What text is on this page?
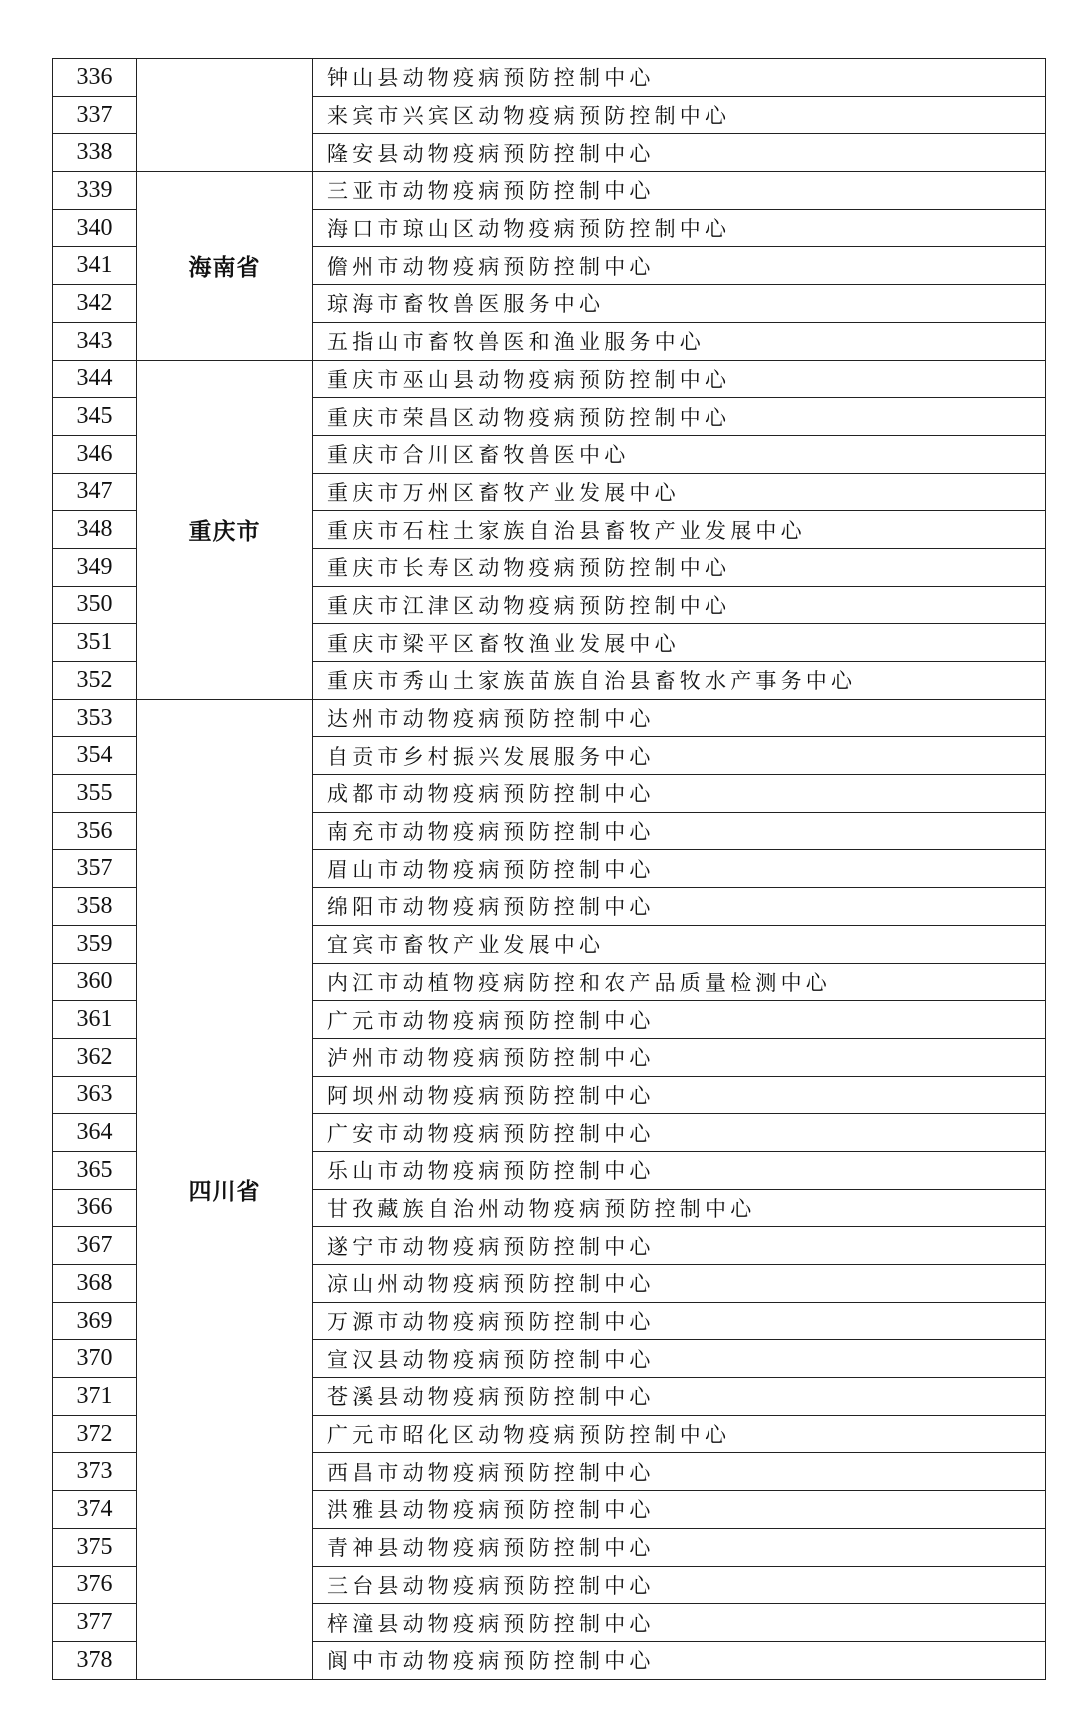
336		钟山县动物疫病预防控制中心
337		来宾市兴宾区动物疫病预防控制中心
338		隆安县动物疫病预防控制中心
339	海南省	三亚市动物疫病预防控制中心
340		海口市琼山区动物疫病预防控制中心
341		儋州市动物疫病预防控制中心
342		琼海市畜牧兽医服务中心
343		五指山市畜牧兽医和渔业服务中心
344	重庆市	重庆市巫山县动物疫病预防控制中心
345		重庆市荣昌区动物疫病预防控制中心
346		重庆市合川区畜牧兽医中心
347		重庆市万州区畜牧产业发展中心
348		重庆市石柱土家族自治县畜牧产业发展中心
349		重庆市长寿区动物疫病预防控制中心
350		重庆市江津区动物疫病预防控制中心
351		重庆市梁平区畜牧渔业发展中心
352		重庆市秀山土家族苗族自治县畜牧水产事务中心
353	四川省	达州市动物疫病预防控制中心
354		自贡市乡村振兴发展服务中心
355		成都市动物疫病预防控制中心
356		南充市动物疫病预防控制中心
357		眉山市动物疫病预防控制中心
358		绵阳市动物疫病预防控制中心
359		宜宾市畜牧产业发展中心
360		内江市动植物疫病防控和农产品质量检测中心
361		广元市动物疫病预防控制中心
362		泸州市动物疫病预防控制中心
363		阿坝州动物疫病预防控制中心
364		广安市动物疫病预防控制中心
365		乐山市动物疫病预防控制中心
366		甘孜藏族自治州动物疫病预防控制中心
367		遂宁市动物疫病预防控制中心
368		凉山州动物疫病预防控制中心
369		万源市动物疫病预防控制中心
370		宣汉县动物疫病预防控制中心
371		苍溪县动物疫病预防控制中心
372		广元市昭化区动物疫病预防控制中心
373		西昌市动物疫病预防控制中心
374		洪雅县动物疫病预防控制中心
375		青神县动物疫病预防控制中心
376		三台县动物疫病预防控制中心
377		梓潼县动物疫病预防控制中心
378		阆中市动物疫病预防控制中心
